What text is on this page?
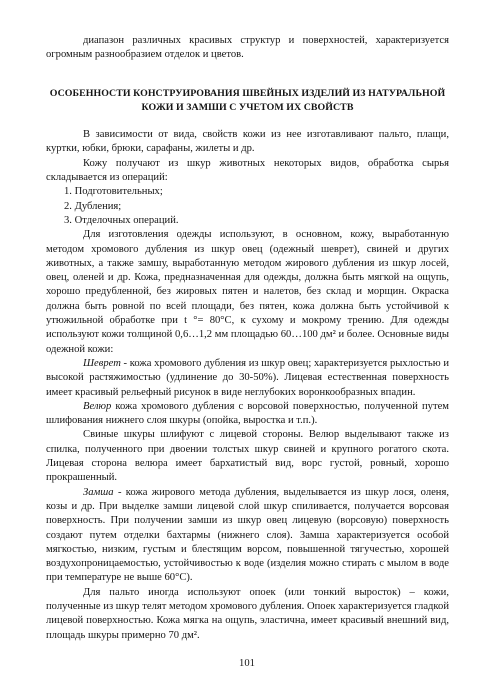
диапазон различных красивых структур и поверхностей, характеризуется огромным разнообразием отделок и цветов.

ОСОБЕННОСТИ КОНСТРУИРОВАНИЯ ШВЕЙНЫХ ИЗДЕЛИЙ ИЗ НАТУРАЛЬНОЙ
КОЖИ И ЗАМШИ С УЧЕТОМ ИХ СВОЙСТВ

В зависимости от вида, свойств кожи из нее изготавливают пальто, плащи, куртки, юбки, брюки, сарафаны, жилеты и др.

Кожу получают из шкур животных некоторых видов, обработка сырья складывается из операций:

1. Подготовительных;
2. Дубления;
3. Отделочных операций.

Для изготовления одежды используют, в основном, кожу, выработанную методом хромового дубления из шкур овец (одежный шеврет), свиней и других животных, а также замшу, выработанную методом жирового дубления из шкур лосей, овец, оленей и др. Кожа, предназначенная для одежды, должна быть мягкой на ощупь, хорошо предубленной, без жировых пятен и налетов, без склад и морщин. Окраска должна быть ровной по всей площади, без пятен, кожа должна быть устойчивой к утюжильной обработке при t °= 80°С, к сухому и мокрому трению. Для одежды используют кожи толщиной 0,6…1,2 мм площадью 60…100 дм² и более. Основные виды одежной кожи:

Шеврет - кожа хромового дубления из шкур овец; характеризуется рыхлостью и высокой растяжимостью (удлинение до 30-50%). Лицевая естественная поверхность имеет красивый рельефный рисунок в виде неглубоких воронкообразных впадин.

Велюр кожа хромового дубления с ворсовой поверхностью, полученной путем шлифования нижнего слоя шкуры (опойка, выростка и т.п.).

Свиные шкуры шлифуют с лицевой стороны. Велюр выделывают также из спилка, полученного при двоении толстых шкур свиней и крупного рогатого скота. Лицевая сторона велюра имеет бархатистый вид, ворс густой, ровный, хорошо прокрашенный.

Замша - кожа жирового метода дубления, выделывается из шкур лося, оленя, козы и др. При выделке замши лицевой слой шкур спиливается, получается ворсовая поверхность. При получении замши из шкур овец лицевую (ворсовую) поверхность создают путем отделки бахтармы (нижнего слоя). Замша характеризуется особой мягкостью, низким, густым и блестящим ворсом, повышенной тягучестью, хорошей воздухопроницаемостью, устойчивостью к воде (изделия можно стирать с мылом в воде при температуре не выше 60°С).

Для пальто иногда используют опоек (или тонкий выросток) – кожи, полученные из шкур телят методом хромового дубления. Опоек характеризуется гладкой лицевой поверхностью. Кожа мягка на ощупь, эластична, имеет красивый внешний вид, площадь шкуры примерно 70 дм².

101
